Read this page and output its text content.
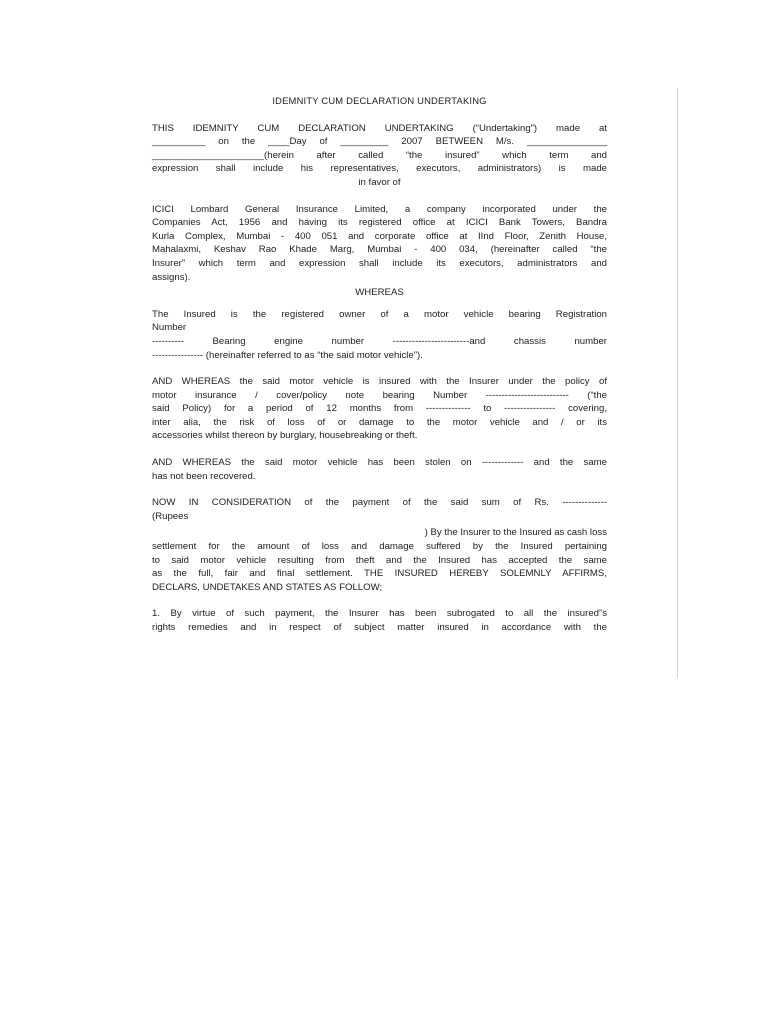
IDEMNITY CUM DECLARATION UNDERTAKING
THIS IDEMNITY CUM DECLARATION UNDERTAKING (“Undertaking”) made at
__________ on the ____Day of _________ 2007 BETWEEN M/s. _______________
_____________________(herein after called “the insured” which term and
expression shall include his representatives, executors, administrators) is made
in favor of
ICICI Lombard General Insurance Limited, a company incorporated under the
Companies Act, 1956 and having its registered office at ICICI Bank Towers, Bandra
Kurla Complex, Mumbai - 400 051 and corporate office at IInd Floor, Zenith House,
Mahalaxmi, Keshav Rao Khade Marg, Mumbai - 400 034, (hereinafter called “the
Insurer” which term and expression shall include its executors, administrators and
assigns).
WHEREAS
The Insured is the registered owner of a motor vehicle bearing Registration
Number
---------- Bearing engine number ------------------------and chassis number
---------------- (hereinafter referred to as “the said motor vehicle”).
AND WHEREAS the said motor vehicle is insured with the Insurer under the policy of
motor insurance / cover/policy note bearing Number -------------------------- (“the
said Policy) for a period of 12 months from -------------- to ---------------- covering,
inter alia, the risk of loss of or damage to the motor vehicle and / or its
accessories whilst thereon by burglary, housebreaking or theft.
AND WHEREAS the said motor vehicle has been stolen on ------------- and the same
has not been recovered.
NOW IN CONSIDERATION of the payment of the said sum of Rs. --------------
(Rupees
) By the Insurer to the Insured as cash loss
settlement for the amount of loss and damage suffered by the Insured pertaining
to said motor vehicle resulting from theft and the Insured has accepted the same
as the full, fair and final settlement. THE INSURED HEREBY SOLEMNLY AFFIRMS,
DECLARS, UNDETAKES AND STATES AS FOLLOW;
1. By virtue of such payment, the Insurer has been subrogated to all the insured”s
rights remedies and in respect of subject matter insured in accordance with the
